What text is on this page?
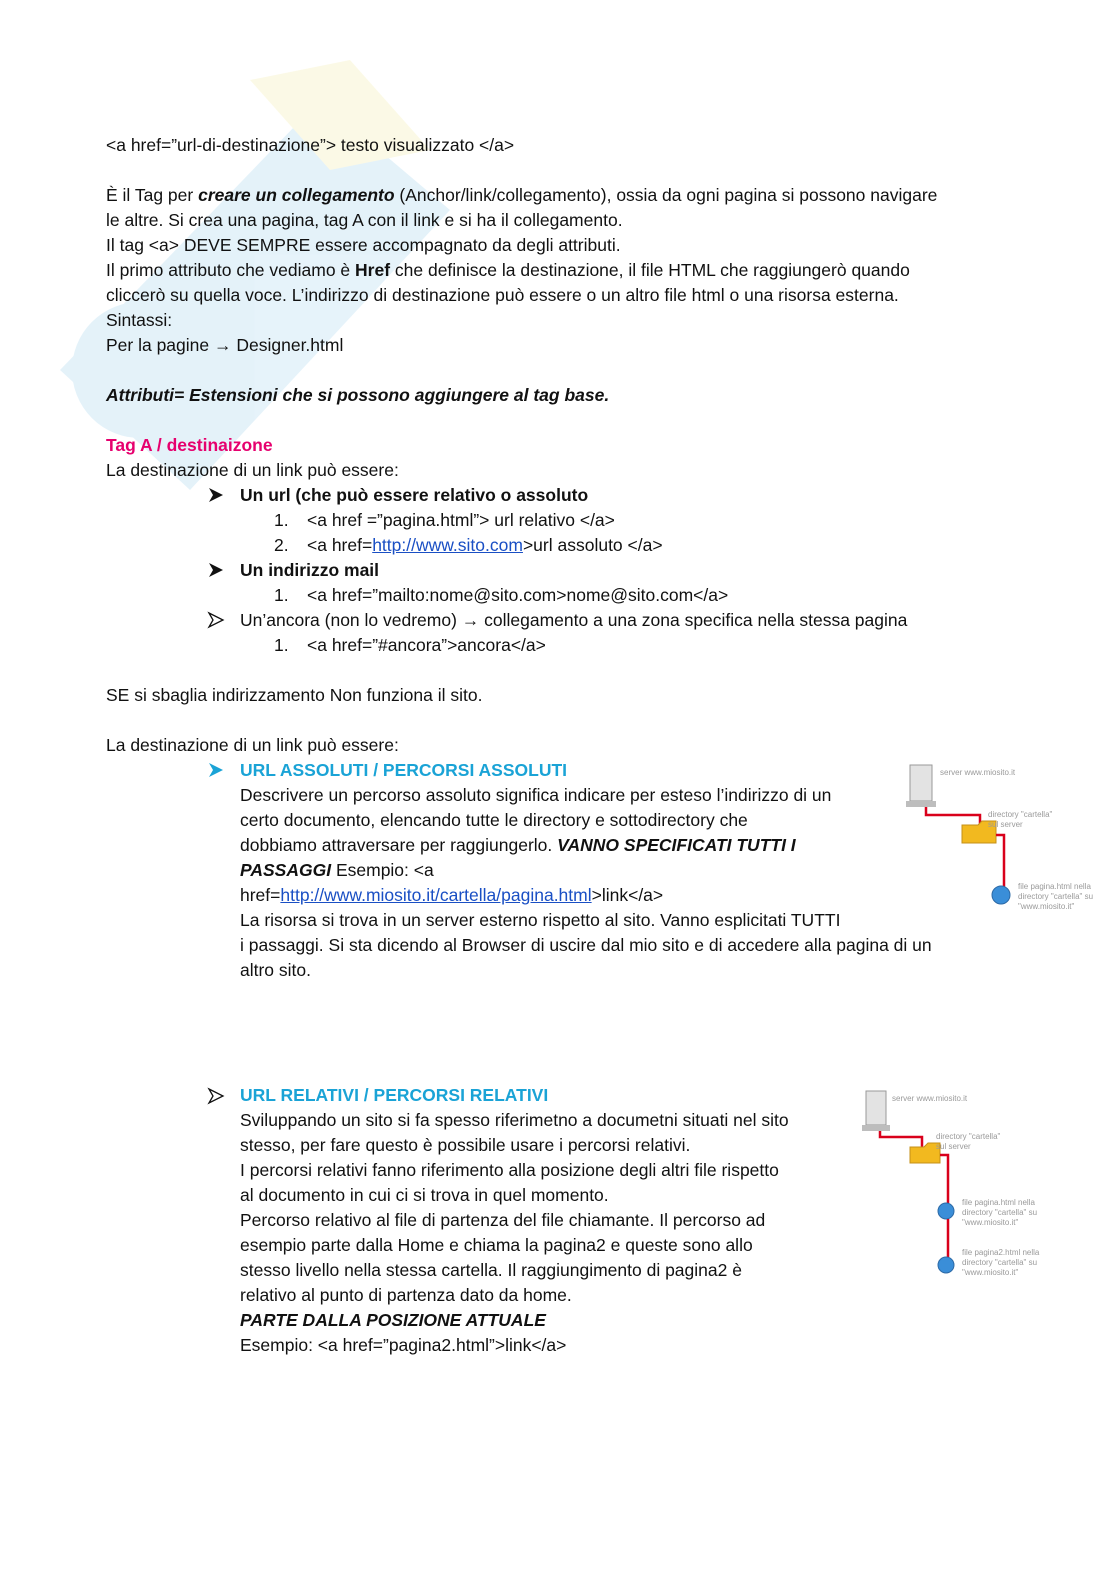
<a href=”url-di-destinazione”> testo visualizzato </a>
È il Tag per creare un collegamento (Anchor/link/collegamento), ossia da ogni pagina si possono navigare
le altre. Si crea una pagina, tag A con il link e si ha il collegamento.
Il tag <a> DEVE SEMPRE essere accompagnato da degli attributi.
Il primo attributo che vediamo è Href che definisce la destinazione, il file HTML che raggiungerò quando
cliccerò su quella voce. L’indirizzo di destinazione può essere o un altro file html o una risorsa esterna.
Sintassi:
Per la pagine → Designer.html
Attributi= Estensioni che si possono aggiungere al tag base.
Tag A / destinaizone
La destinazione di un link può essere:
Un url (che può essere relativo o assoluto
1. <a href =”pagina.html”> url relativo </a>
2. <a href=http://www.sito.com>url assoluto </a>
Un indirizzo mail
1. <a href=”mailto:nome@sito.com>nome@sito.com</a>
Un’ancora (non lo vedremo) → collegamento a una zona specifica nella stessa pagina
1. <a href=”#ancora”>ancora</a>
SE si sbaglia indirizzamento Non funziona il sito.
La destinazione di un link può essere:
URL ASSOLUTI / PERCORSI ASSOLUTI
Descrivere un percorso assoluto significa indicare per esteso l’indirizzo di un
certo documento, elencando tutte le directory e sottodirectory che
dobbiamo attraversare per raggiungerlo. VANNO SPECIFICATI TUTTI I
PASSAGGI Esempio: <a
href=http://www.miosito.it/cartella/pagina.html>link</a>
La risorsa si trova in un server esterno rispetto al sito. Vanno esplicitati TUTTI
i passaggi. Si sta dicendo al Browser di uscire dal mio sito e di accedere alla pagina di un
altro sito.
server www.miosito.it
directory "cartella"
sul server
file pagina.html nella
directory "cartella" su
"www.miosito.it"
URL RELATIVI / PERCORSI RELATIVI
Sviluppando un sito si fa spesso riferimetno a documetni situati nel sito
stesso, per fare questo è possibile usare i percorsi relativi.
I percorsi relativi fanno riferimento alla posizione degli altri file rispetto
al documento in cui ci si trova in quel momento.
Percorso relativo al file di partenza del file chiamante. Il percorso ad
esempio parte dalla Home e chiama la pagina2 e queste sono allo
stesso livello nella stessa cartella. Il raggiungimento di pagina2 è
relativo al punto di partenza dato da home.
PARTE DALLA POSIZIONE ATTUALE
Esempio: <a href=”pagina2.html”>link</a>
server www.miosito.it
directory "cartella"
sul server
file pagina.html nella
directory "cartella" su
"www.miosito.it"
file pagina2.html nella
directory "cartella" su
"www.miosito.it"
